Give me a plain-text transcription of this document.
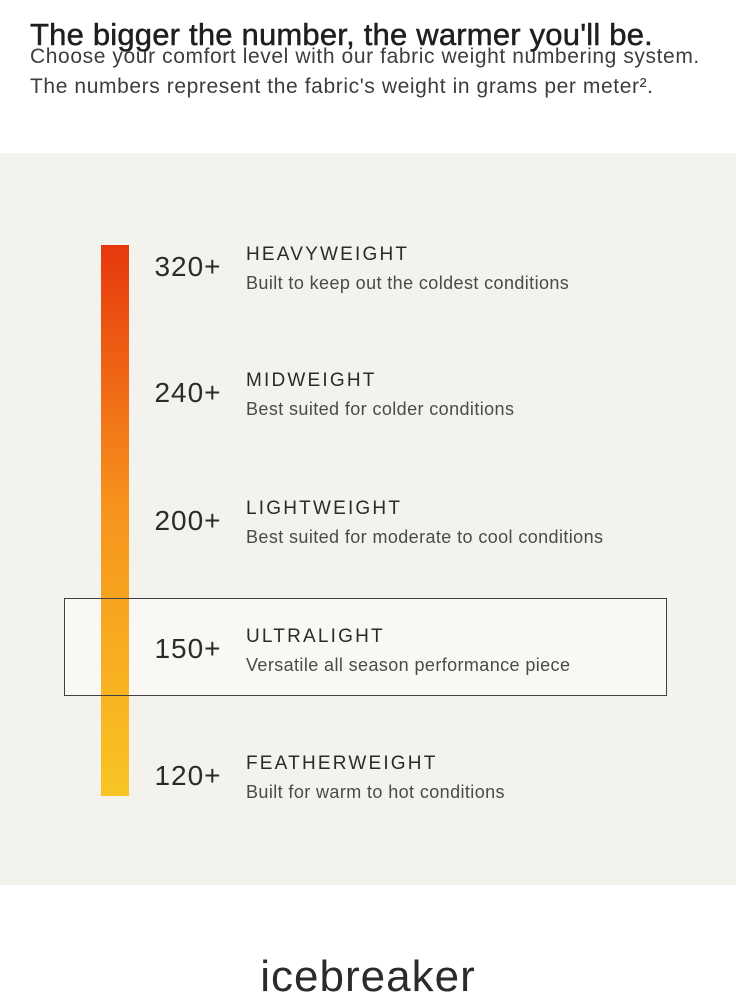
The bigger the number, the warmer you'll be.
Choose your comfort level with our fabric weight numbering system.
The numbers represent the fabric's weight in grams per meter².
320+	HEAVYWEIGHT
Built to keep out the coldest conditions
240+	MIDWEIGHT
Best suited for colder conditions
200+	LIGHTWEIGHT
Best suited for moderate to cool conditions
150+	ULTRALIGHT
Versatile all season performance piece
120+	FEATHERWEIGHT
Built for warm to hot conditions
icebreaker
